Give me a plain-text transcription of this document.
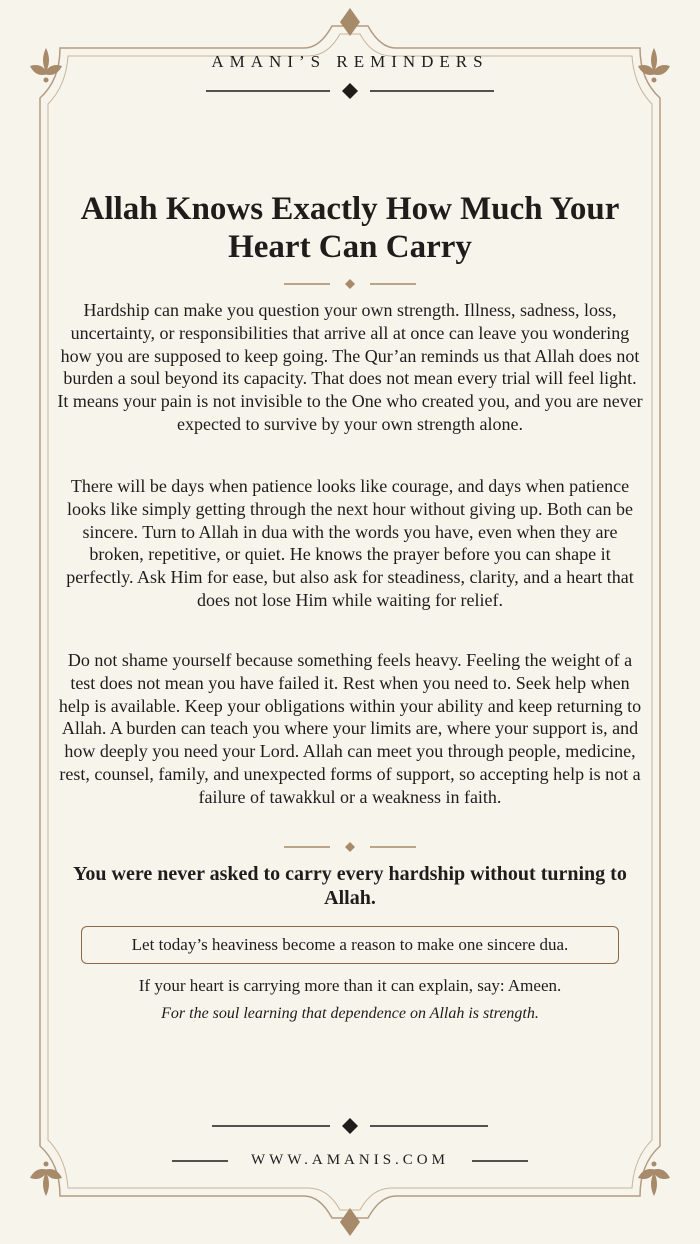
AMANI’S REMINDERS
Allah Knows Exactly How Much Your Heart Can Carry

Hardship can make you question your own strength. Illness, sadness, loss, uncertainty, or responsibilities that arrive all at once can leave you wondering how you are supposed to keep going. The Qur’an reminds us that Allah does not burden a soul beyond its capacity. That does not mean every trial will feel light. It means your pain is not invisible to the One who created you, and you are never expected to survive by your own strength alone.

There will be days when patience looks like courage, and days when patience looks like simply getting through the next hour without giving up. Both can be sincere. Turn to Allah in dua with the words you have, even when they are broken, repetitive, or quiet. He knows the prayer before you can shape it perfectly. Ask Him for ease, but also ask for steadiness, clarity, and a heart that does not lose Him while waiting for relief.

Do not shame yourself because something feels heavy. Feeling the weight of a test does not mean you have failed it. Rest when you need to. Seek help when help is available. Keep your obligations within your ability and keep returning to Allah. A burden can teach you where your limits are, where your support is, and how deeply you need your Lord. Allah can meet you through people, medicine, rest, counsel, family, and unexpected forms of support, so accepting help is not a failure of tawakkul or a weakness in faith.

You were never asked to carry every hardship without turning to Allah.
Let today’s heaviness become a reason to make one sincere dua.
If your heart is carrying more than it can explain, say: Ameen.
For the soul learning that dependence on Allah is strength.
WWW.AMANIS.COM
